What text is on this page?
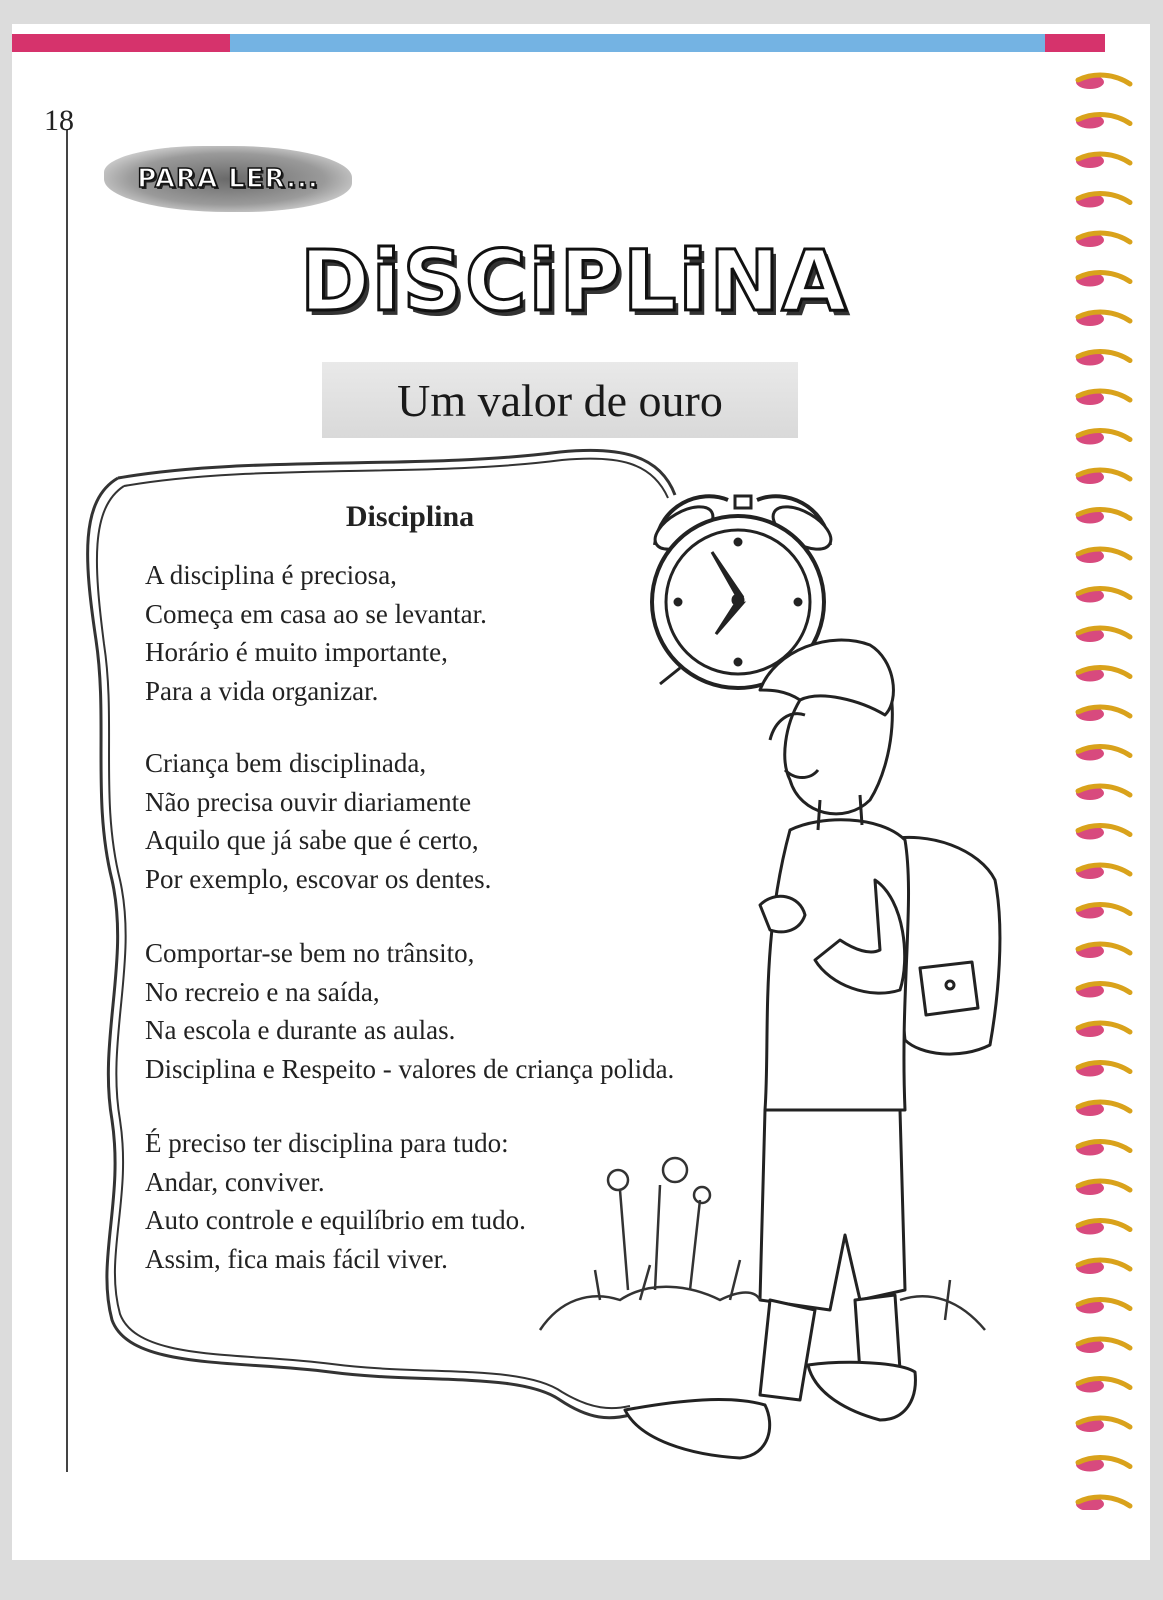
18
PARA LER...
DiSCiPLiNA
Um valor de ouro
Disciplina
A disciplina é preciosa,
Começa em casa ao se levantar.
Horário é muito importante,
Para a vida organizar.
Criança bem disciplinada,
Não precisa ouvir diariamente
Aquilo que já sabe que é certo,
Por exemplo, escovar os dentes.
Comportar-se bem no trânsito,
No recreio e na saída,
Na escola e durante as aulas.
Disciplina e Respeito - valores de criança polida.
É preciso ter disciplina para tudo:
Andar, conviver.
Auto controle e equilíbrio em tudo.
Assim, fica mais fácil viver.
